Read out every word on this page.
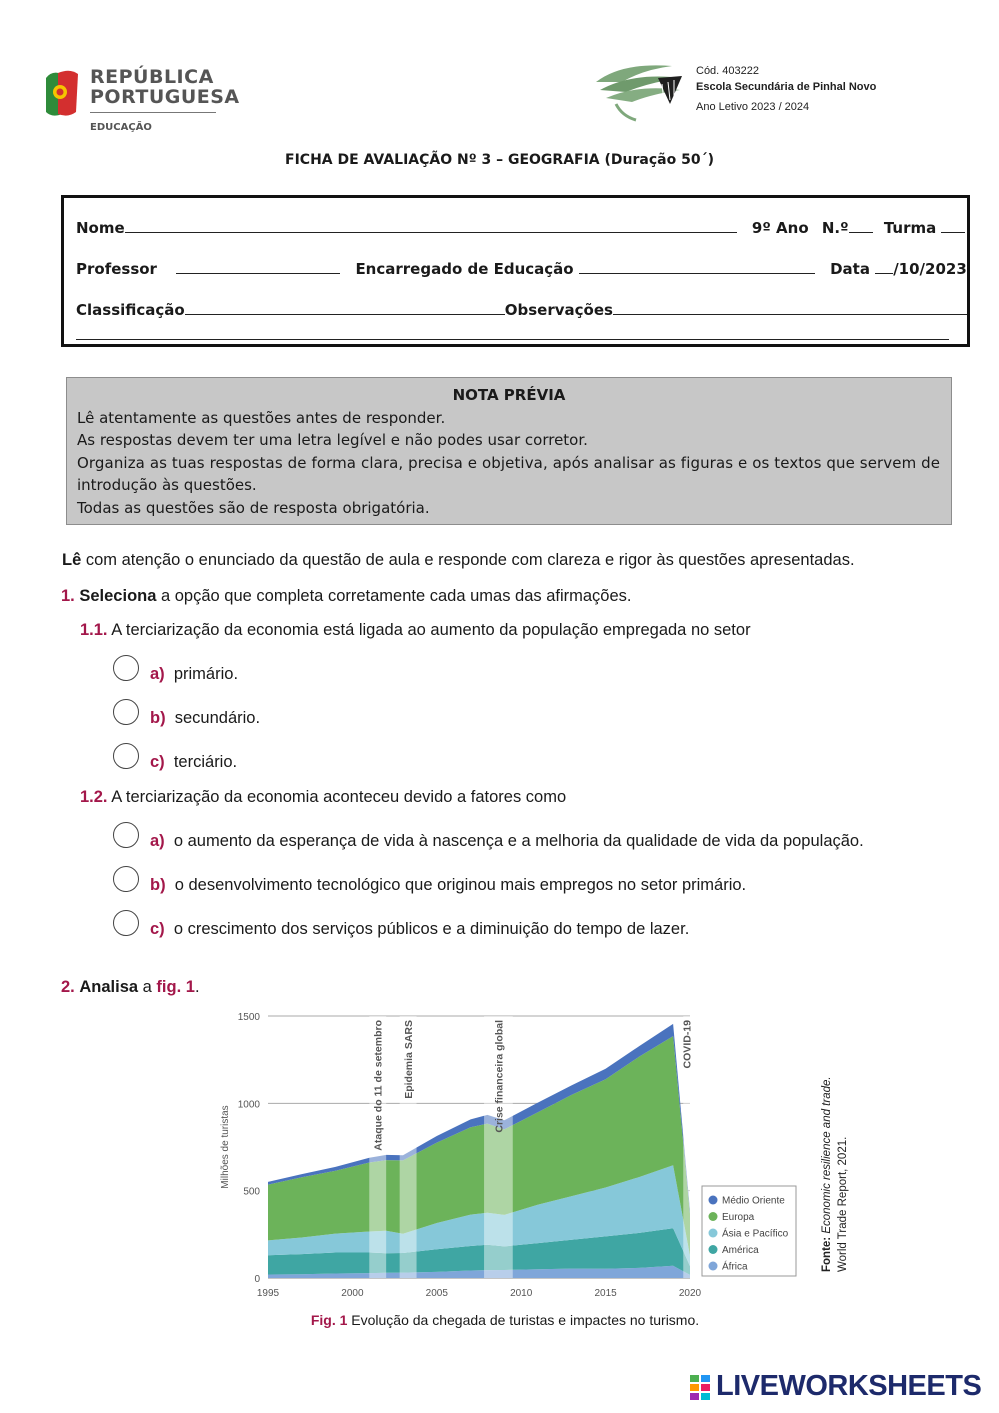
REPÚBLICA
PORTUGUESA
EDUCAÇÃO
Cód. 403222
Escola Secundária de Pinhal Novo
Ano Letivo 2023 / 2024
FICHA DE AVALIAÇÃO Nº 3 – GEOGRAFIA (Duração 50´)
Nome	9º Ano N.º Turma
Professor	Encarregado de Educação	Data /10/2023
Classificação	Observações
NOTA PRÉVIA
Lê atentamente as questões antes de responder.
As respostas devem ter uma letra legível e não podes usar corretor.
Organiza as tuas respostas de forma clara, precisa e objetiva, após analisar as figuras e os textos que servem de
introdução às questões.
Todas as questões são de resposta obrigatória.
Lê com atenção o enunciado da questão de aula e responde com clareza e rigor às questões apresentadas.
1. Seleciona a opção que completa corretamente cada umas das afirmações.
1.1. A terciarização da economia está ligada ao aumento da população empregada no setor
a) primário.
b) secundário.
c) terciário.
1.2. A terciarização da economia aconteceu devido a fatores como
a) o aumento da esperança de vida à nascença e a melhoria da qualidade de vida da população.
b) o desenvolvimento tecnológico que originou mais empregos no setor primário.
c) o crescimento dos serviços públicos e a diminuição do tempo de lazer.
2. Analisa a fig. 1.
0
500
1000
1500
1995	2000	2005	2010	2015	2020
Milhões de turistas	Ataque do 11 de setembro Epidemia SARS	Crise financeira global	COVID-19
Médio Oriente
Europa
Ásia e Pacífico
América
África	Fonte: Economic resilience and trade. World Trade Report, 2021.
Fig. 1 Evolução da chegada de turistas e impactes no turismo.
LIVEWORKSHEETS
